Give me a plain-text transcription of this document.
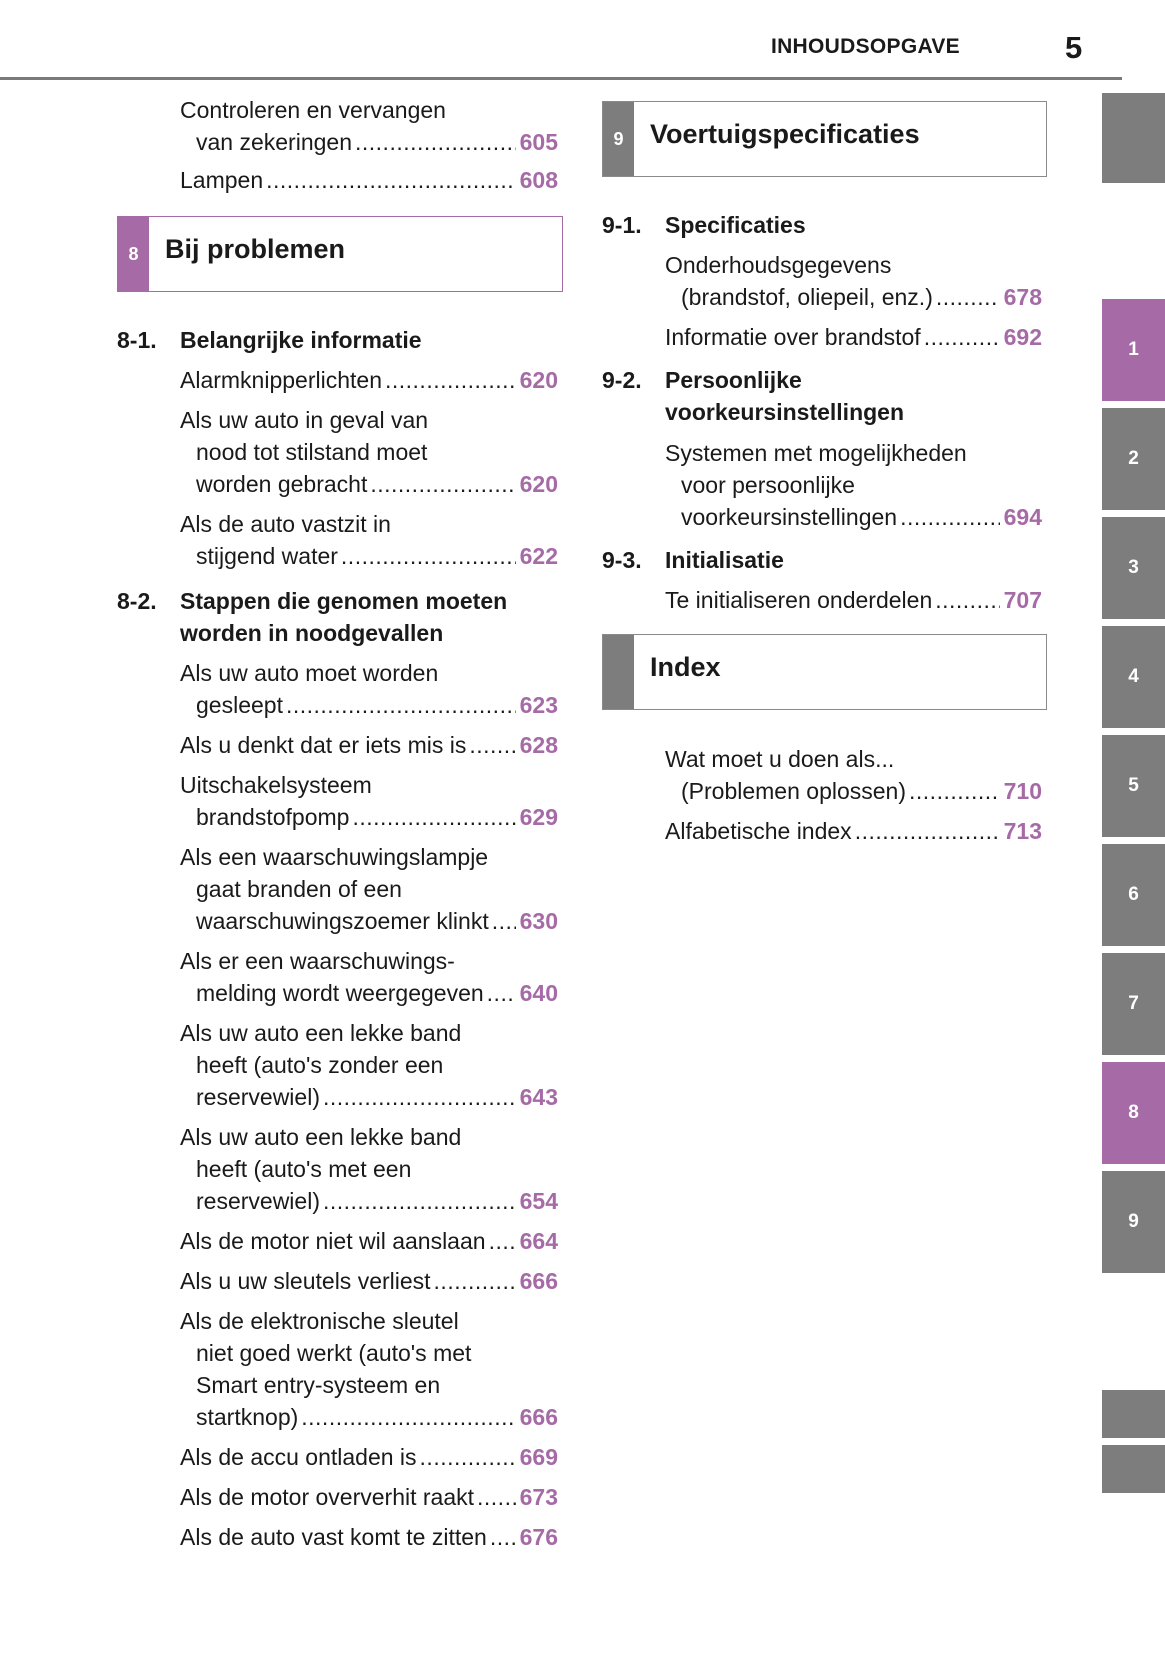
INHOUDSOPGAVE	5
Controleren en vervangen
van zekeringen .....	605
Lampen .....	608
8 Bij problemen
8-1. Belangrijke informatie
Alarmknipperlichten .....	620
Als uw auto in geval van
nood tot stilstand moet
worden gebracht .....	620
Als de auto vastzit in
stijgend water .....	622
8-2. Stappen die genomen moeten
worden in noodgevallen
Als uw auto moet worden
gesleept .....	623
Als u denkt dat er iets mis is ..... 628
Uitschakelsysteem
brandstofpomp .....	629
Als een waarschuwingslampje
gaat branden of een
waarschuwingszoemer klinkt ..... 630
Als er een waarschuwings-
melding wordt weergegeven ..... 640
Als uw auto een lekke band
heeft (auto's zonder een
reservewiel) .....	643
Als uw auto een lekke band
heeft (auto's met een
reservewiel) .....	654
Als de motor niet wil aanslaan ..... 664
Als u uw sleutels verliest .....	666
Als de elektronische sleutel
niet goed werkt (auto's met
Smart entry-systeem en
startknop) .....	666
Als de accu ontladen is .....	669
Als de motor oververhit raakt ..... 673
Als de auto vast komt te zitten ..... 676
9 Voertuigspecificaties
9-1. Specificaties
Onderhoudsgegevens
(brandstof, oliepeil, enz.) .....	678
Informatie over brandstof .....	692
9-2. Persoonlijke
voorkeursinstellingen
Systemen met mogelijkheden
voor persoonlijke
voorkeursinstellingen .....	694
9-3. Initialisatie
Te initialiseren onderdelen .....	707
Index
Wat moet u doen als...
(Problemen oplossen) .....	710
Alfabetische index .....	713
1
2
3
4
5
6
7
8
9
